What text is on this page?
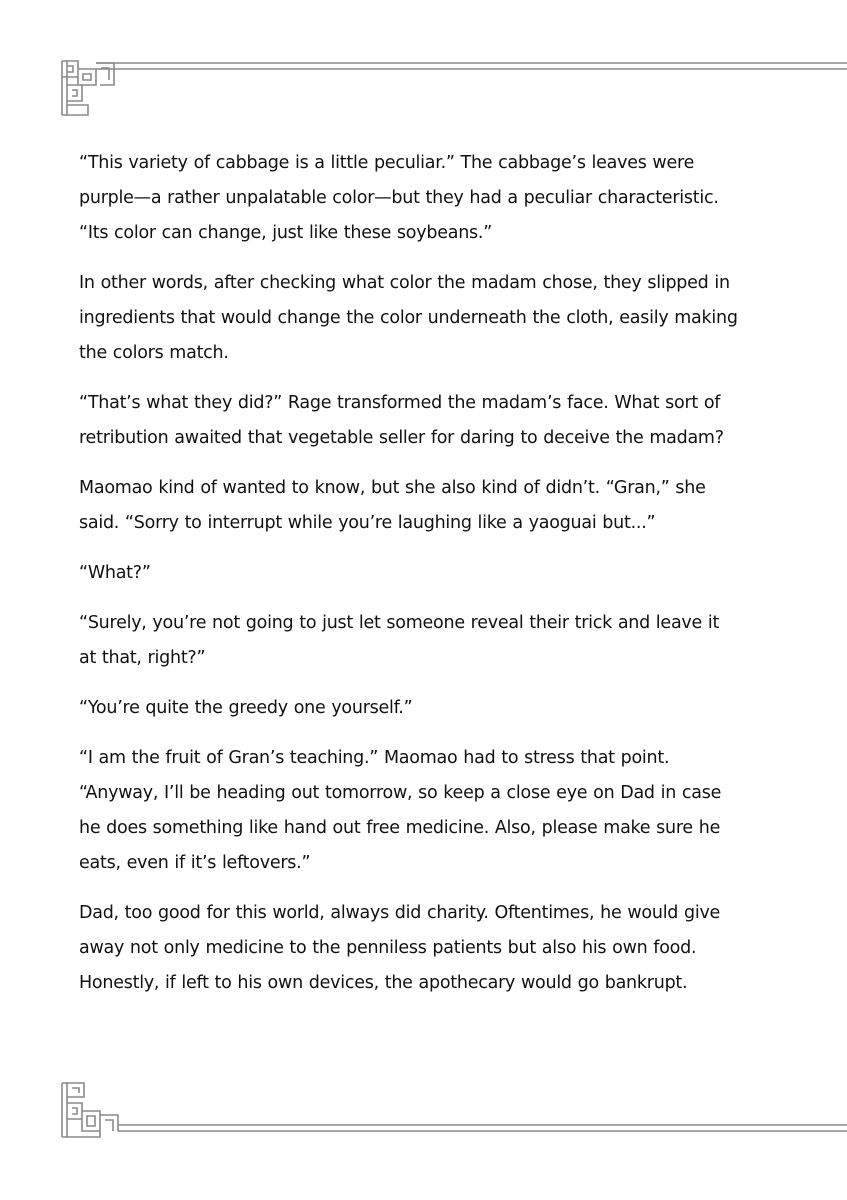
“This variety of cabbage is a little peculiar.” The cabbage’s leaves were purple—a rather unpalatable color—but they had a peculiar characteristic. “Its color can change, just like these soybeans.”

In other words, after checking what color the madam chose, they slipped in ingredients that would change the color underneath the cloth, easily making the colors match.

“That’s what they did?” Rage transformed the madam’s face. What sort of retribution awaited that vegetable seller for daring to deceive the madam?

Maomao kind of wanted to know, but she also kind of didn’t. “Gran,” she said. “Sorry to interrupt while you’re laughing like a yaoguai but...”

“What?”

“Surely, you’re not going to just let someone reveal their trick and leave it at that, right?”

“You’re quite the greedy one yourself.”

“I am the fruit of Gran’s teaching.” Maomao had to stress that point. “Anyway, I’ll be heading out tomorrow, so keep a close eye on Dad in case he does something like hand out free medicine. Also, please make sure he eats, even if it’s leftovers.”

Dad, too good for this world, always did charity. Oftentimes, he would give away not only medicine to the penniless patients but also his own food. Honestly, if left to his own devices, the apothecary would go bankrupt.
